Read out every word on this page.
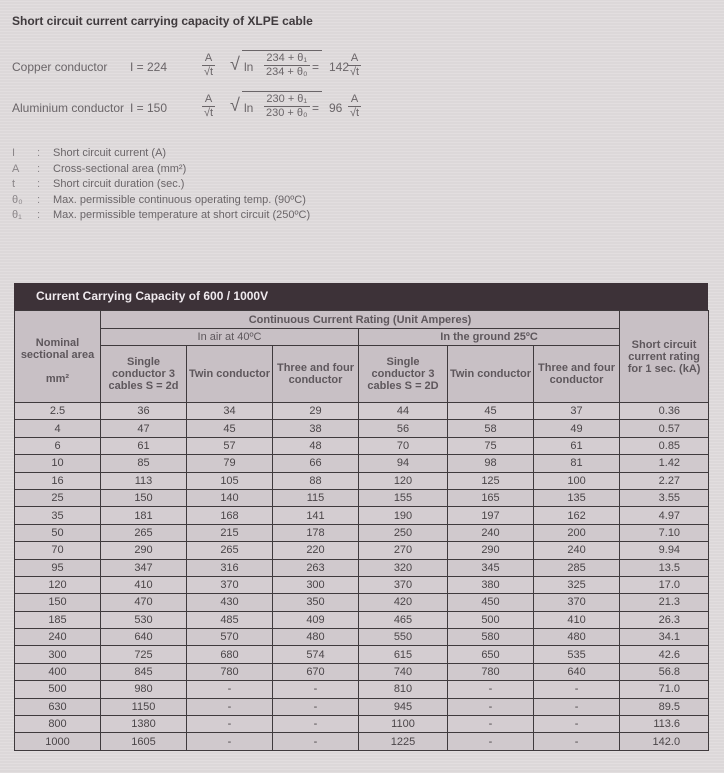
Short circuit current carrying capacity of XLPE cable
Copper conductor I = 224	$\frac{A}{√t}$ √ $\ln \frac{\text{234 + θ₁}}{\text{234 + θ₀}} = 142$
$\frac{A}{√t}$
Aluminium conductor I = 150	$\frac{A}{√t}$ √ $\ln \frac{\text{230 + θ₁}}{\text{230 + θ₀}} = 96 \frac{A}{√t}$
I	: Short circuit current (A)
A	: Cross-sectional area (mm²)
t	: Short circuit duration (sec.)
θ₀	: Max. permissible continuous operating temp. (90ºC)
θ₁	: Max. permissible temperature at short circuit (250ºC)
Current Carrying Capacity of 600 / 1000V
Nominal sectional area
mm²	Continuous Current Rating (Unit Amperes)						Short circuit current rating for 1 sec. (kA)
	In air at 40ºC			In the ground 25ºC			
	Single conductor 3 cables S = 2d	Twin conductor	Three and four conductor	Single conductor 3 cables S = 2D	Twin conductor	Three and four conductor	
2.5	36	34	29	44	45	37	0.36
4	47	45	38	56	58	49	0.57
6	61	57	48	70	75	61	0.85
10	85	79	66	94	98	81	1.42
16	113	105	88	120	125	100	2.27
25	150	140	115	155	165	135	3.55
35	181	168	141	190	197	162	4.97
50	265	215	178	250	240	200	7.10
70	290	265	220	270	290	240	9.94
95	347	316	263	320	345	285	13.5
120	410	370	300	370	380	325	17.0
150	470	430	350	420	450	370	21.3
185	530	485	409	465	500	410	26.3
240	640	570	480	550	580	480	34.1
300	725	680	574	615	650	535	42.6
400	845	780	670	740	780	640	56.8
500	980	-	-	810	-	-	71.0
630	1150	-	-	945	-	-	89.5
800	1380	-	-	1100	-	-	113.6
1000	1605	-	-	1225	-	-	142.0
